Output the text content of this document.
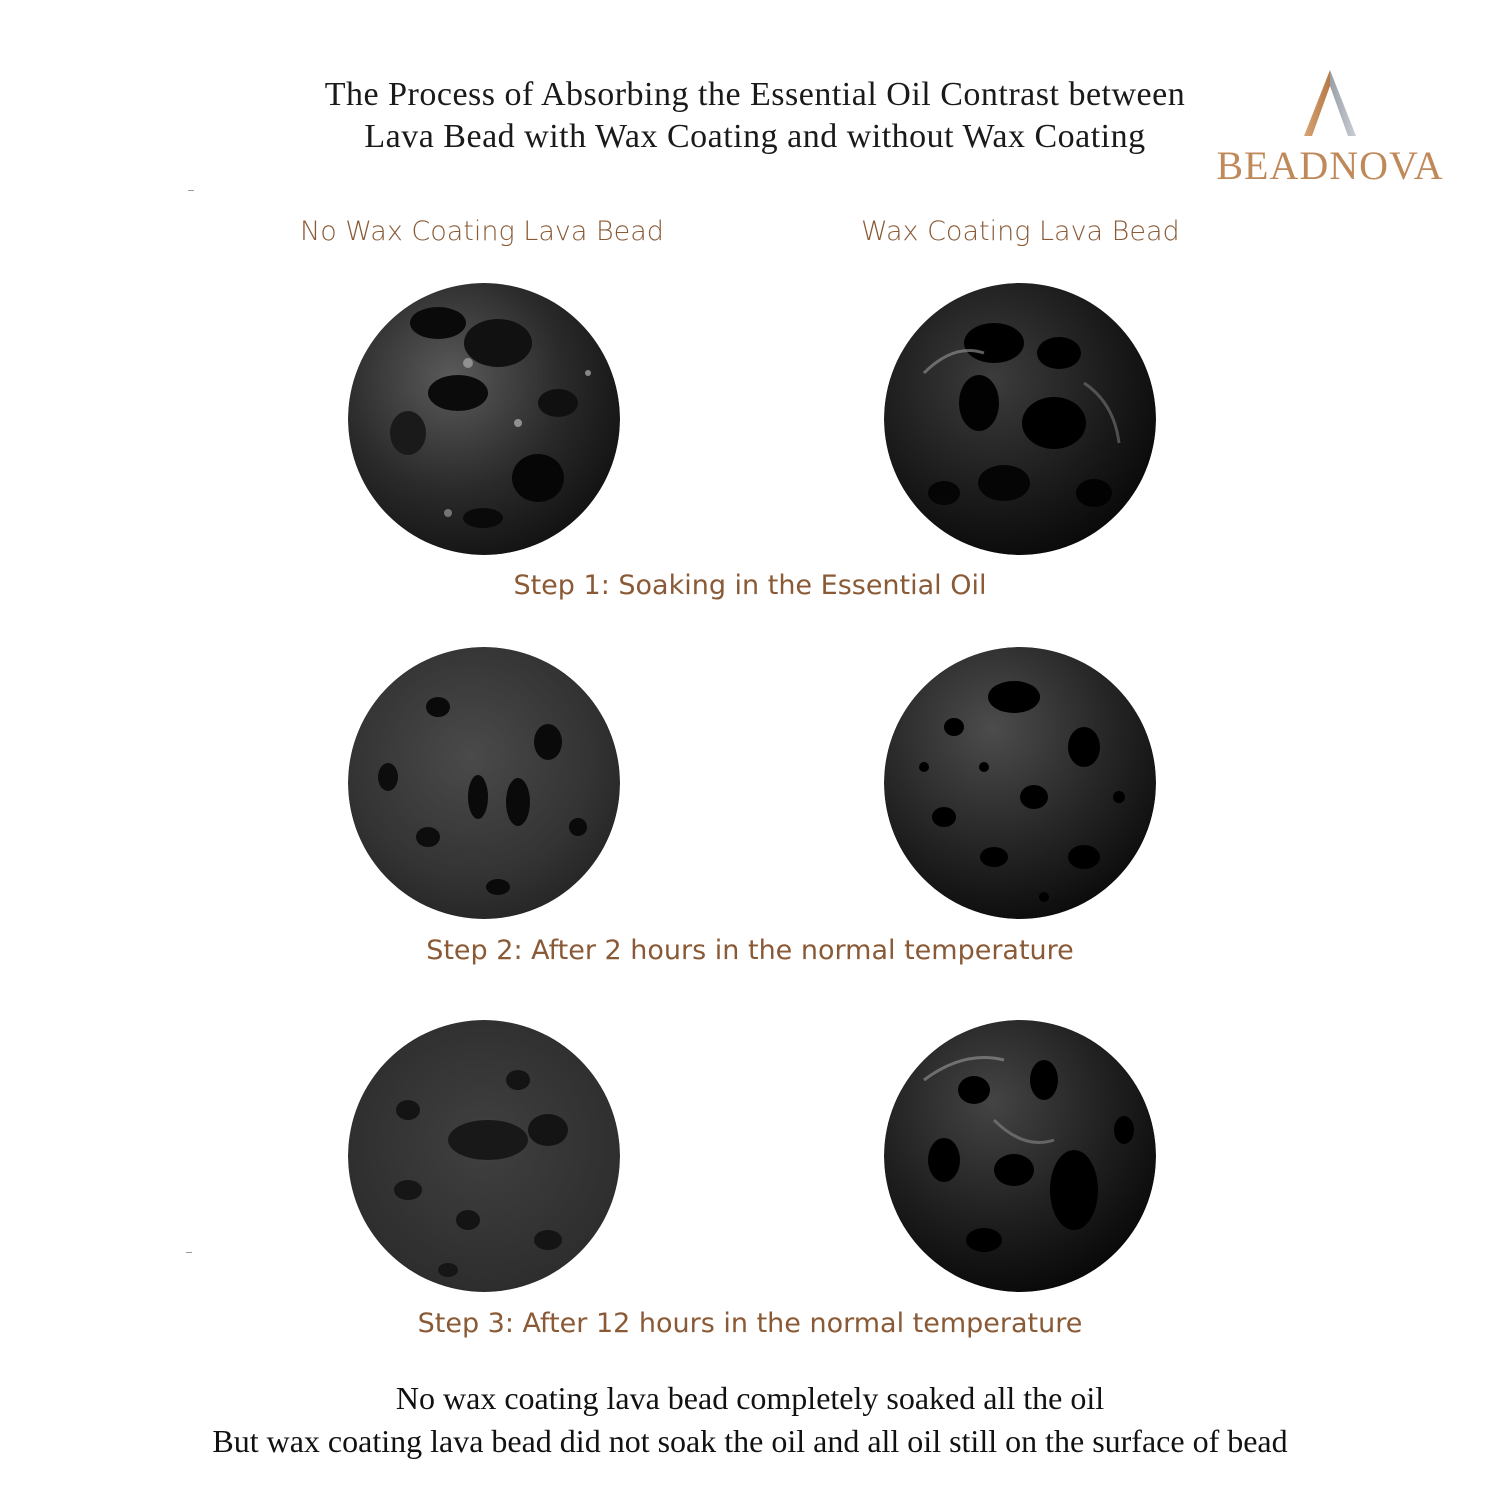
The Process of Absorbing the Essential Oil Contrast between
Lava Bead with Wax Coating and without Wax Coating
BEADNOVA
No Wax Coating Lava Bead	Wax Coating Lava Bead
Step 1: Soaking in the Essential Oil
Step 2: After 2 hours in the normal temperature
Step 3: After 12 hours in the normal temperature
No wax coating lava bead completely soaked all the oil
But wax coating lava bead did not soak the oil and all oil still on the surface of bead
